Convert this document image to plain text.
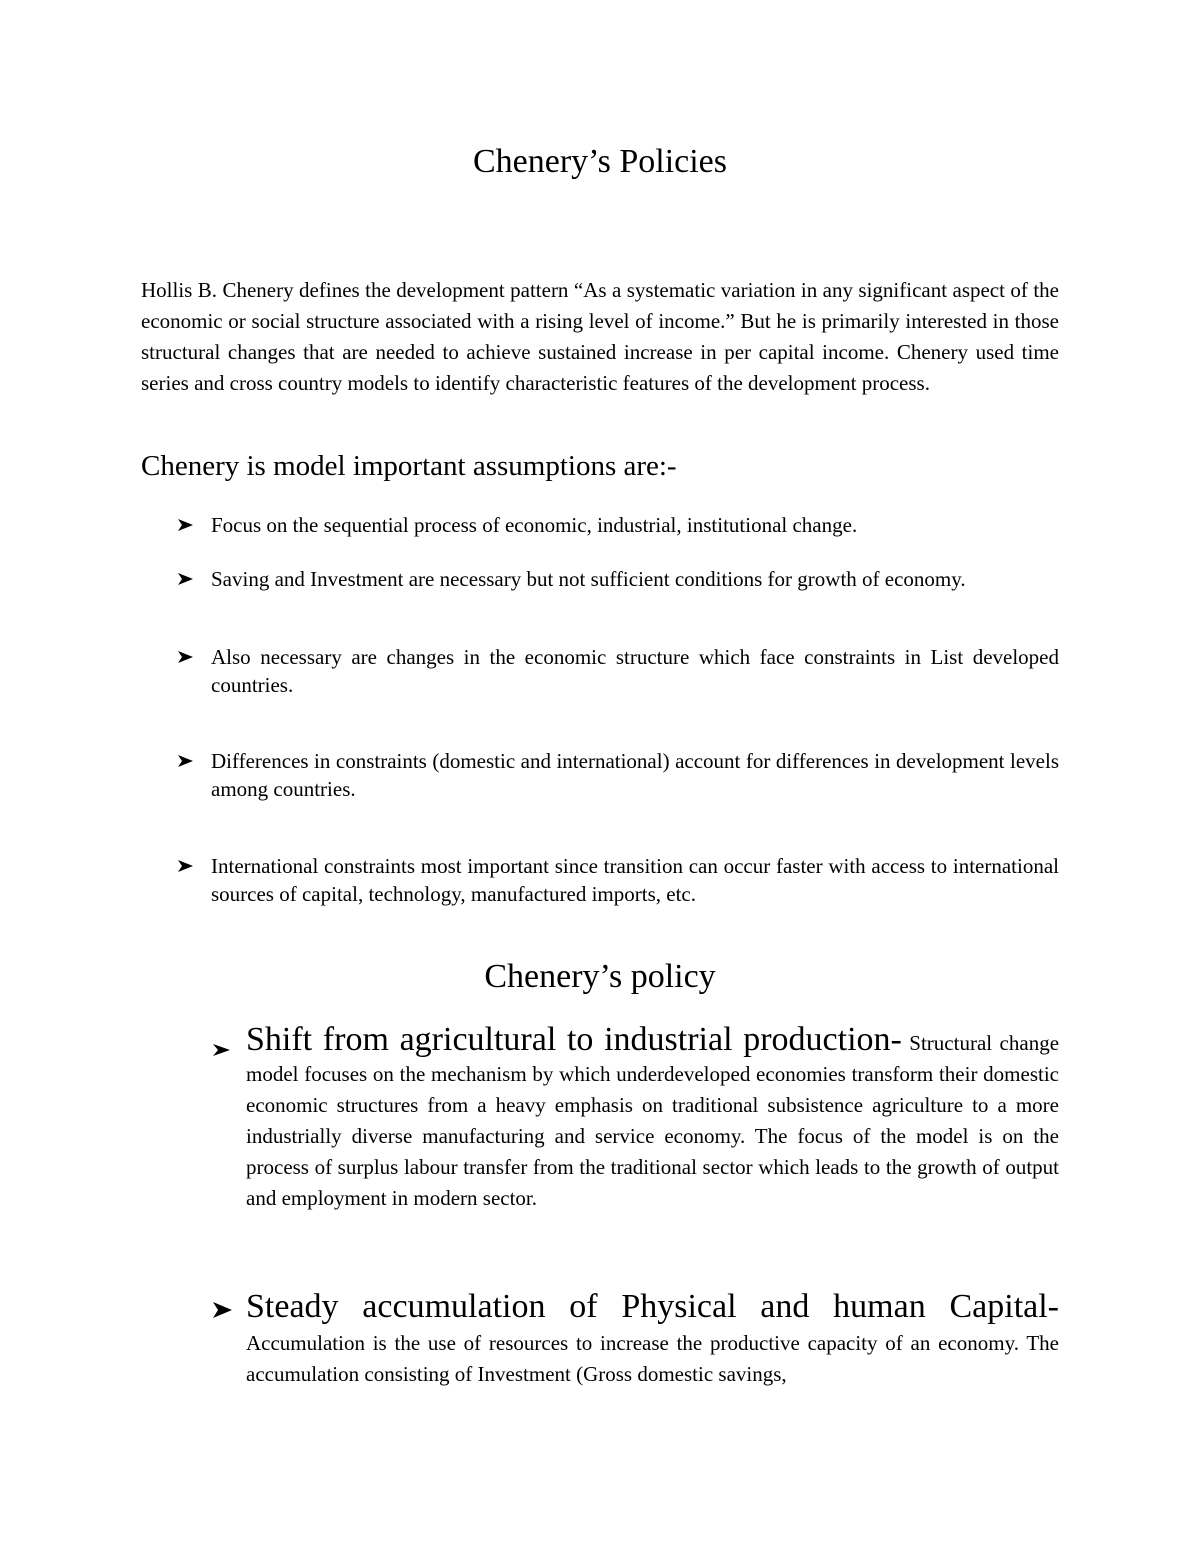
Chenery’s Policies

Hollis B. Chenery defines the development pattern “As a systematic variation in any significant aspect of the economic or social structure associated with a rising level of income.” But he is primarily interested in those structural changes that are needed to achieve sustained increase in per capital income. Chenery used time series and cross country models to identify characteristic features of the development process.

Chenery is model important assumptions are:-
Focus on the sequential process of economic, industrial, institutional change.
Saving and Investment are necessary but not sufficient conditions for growth of economy.
Also necessary are changes in the economic structure which face constraints in List developed countries.
Differences in constraints (domestic and international) account for differences in development levels among countries.
International constraints most important since transition can occur faster with access to international sources of capital, technology, manufactured imports, etc.
Chenery’s policy
Shift from agricultural to industrial production- Structural change model focuses on the mechanism by which underdeveloped economies transform their domestic economic structures from a heavy emphasis on traditional subsistence agriculture to a more industrially diverse manufacturing and service economy. The focus of the model is on the process of surplus labour transfer from the traditional sector which leads to the growth of output and employment in modern sector.
Steady accumulation of Physical and human Capital-
Accumulation is the use of resources to increase the productive capacity of an economy. The accumulation consisting of Investment (Gross domestic savings,
